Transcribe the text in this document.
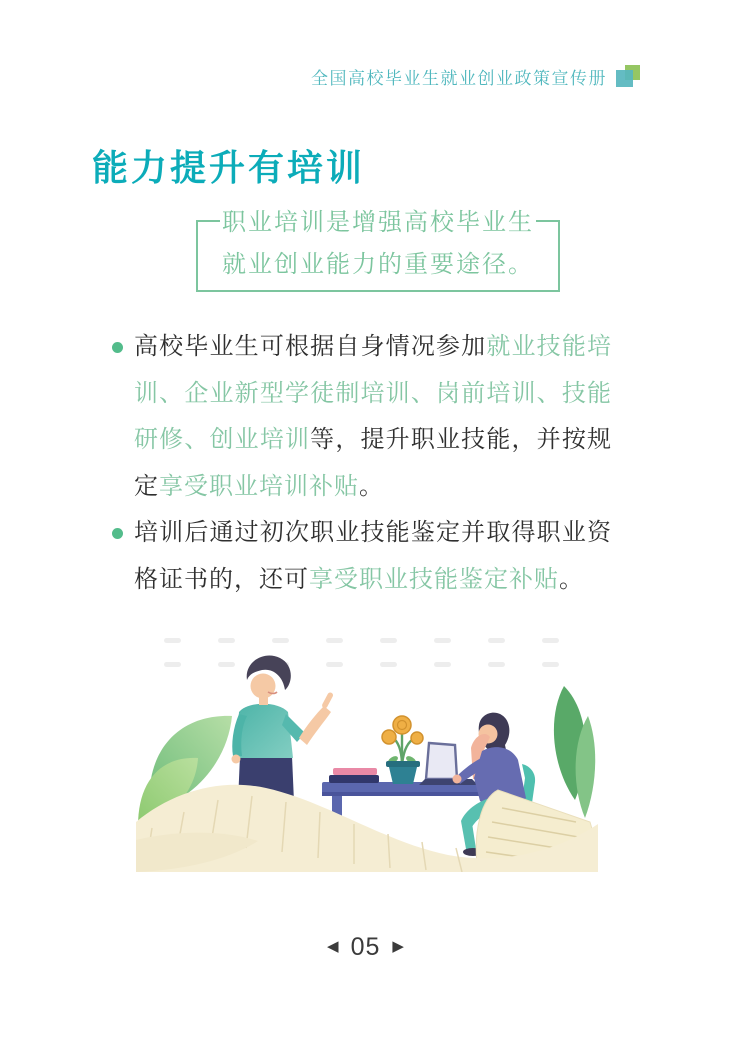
全国高校毕业生就业创业政策宣传册
能力提升有培训
职业培训是增强高校毕业生
就业创业能力的重要途径。
高校毕业生可根据自身情况参加就业技能培训、企业新型学徒制培训、岗前培训、技能研修、创业培训等，提升职业技能，并按规定享受职业培训补贴。
培训后通过初次职业技能鉴定并取得职业资格证书的，还可享受职业技能鉴定补贴。
◀ 05 ▶
